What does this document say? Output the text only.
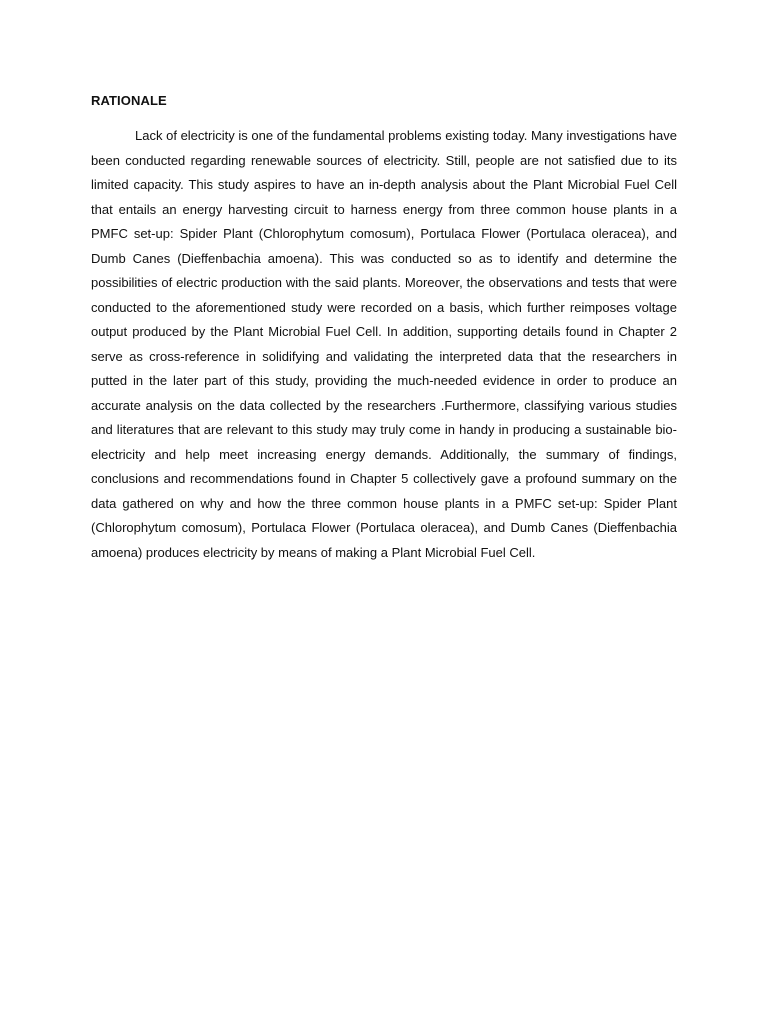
RATIONALE

Lack of electricity is one of the fundamental problems existing today. Many investigations have been conducted regarding renewable sources of electricity. Still, people are not satisfied due to its limited capacity. This study aspires to have an in-depth analysis about the Plant Microbial Fuel Cell that entails an energy harvesting circuit to harness energy from three common house plants in a PMFC set-up: Spider Plant (Chlorophytum comosum), Portulaca Flower (Portulaca oleracea), and Dumb Canes (Dieffenbachia amoena). This was conducted so as to identify and determine the possibilities of electric production with the said plants. Moreover, the observations and tests that were conducted to the aforementioned study were recorded on a basis, which further reimposes voltage output produced by the Plant Microbial Fuel Cell. In addition, supporting details found in Chapter 2 serve as cross-reference in solidifying and validating the interpreted data that the researchers in putted in the later part of this study, providing the much-needed evidence in order to produce an accurate analysis on the data collected by the researchers .Furthermore, classifying various studies and literatures that are relevant to this study may truly come in handy in producing a sustainable bio-electricity and help meet increasing energy demands. Additionally, the summary of findings, conclusions and recommendations found in Chapter 5 collectively gave a profound summary on the data gathered on why and how the three common house plants in a PMFC set-up: Spider Plant (Chlorophytum comosum), Portulaca Flower (Portulaca oleracea), and Dumb Canes (Dieffenbachia amoena) produces electricity by means of making a Plant Microbial Fuel Cell.
